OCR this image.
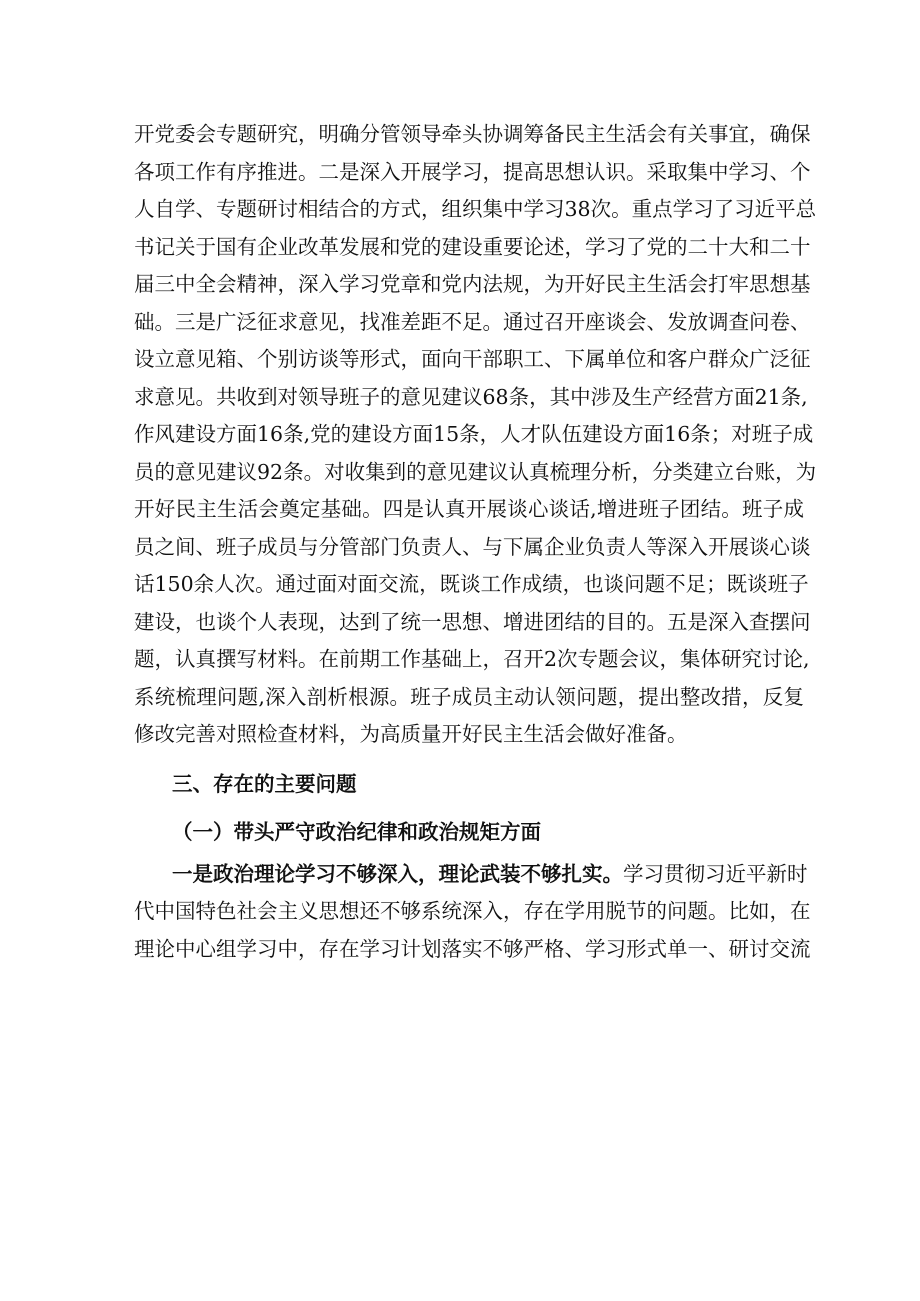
开党委会专题研究，明确分管领导牵头协调筹备民主生活会有关事宜，确保
各项工作有序推进。二是深入开展学习，提高思想认识。采取集中学习、个
人自学、专题研讨相结合的方式，组织集中学习38次。重点学习了习近平总
书记关于国有企业改革发展和党的建设重要论述，学习了党的二十大和二十
届三中全会精神，深入学习党章和党内法规，为开好民主生活会打牢思想基
础。三是广泛征求意见，找准差距不足。通过召开座谈会、发放调查问卷、
设立意见箱、个别访谈等形式，面向干部职工、下属单位和客户群众广泛征
求意见。共收到对领导班子的意见建议68条，其中涉及生产经营方面21条,
作风建设方面16条,党的建设方面15条，人才队伍建设方面16条；对班子成
员的意见建议92条。对收集到的意见建议认真梳理分析，分类建立台账，为
开好民主生活会奠定基础。四是认真开展谈心谈话,增进班子团结。班子成
员之间、班子成员与分管部门负责人、与下属企业负责人等深入开展谈心谈
话150余人次。通过面对面交流，既谈工作成绩，也谈问题不足；既谈班子
建设，也谈个人表现，达到了统一思想、增进团结的目的。五是深入查摆问
题，认真撰写材料。在前期工作基础上，召开2次专题会议，集体研究讨论,
系统梳理问题,深入剖析根源。班子成员主动认领问题，提出整改措，反复
修改完善对照检查材料，为高质量开好民主生活会做好准备。
三、存在的主要问题
（一）带头严守政治纪律和政治规矩方面
一是政治理论学习不够深入，理论武装不够扎实。学习贯彻习近平新时
代中国特色社会主义思想还不够系统深入，存在学用脱节的问题。比如，在
理论中心组学习中，存在学习计划落实不够严格、学习形式单一、研讨交流
